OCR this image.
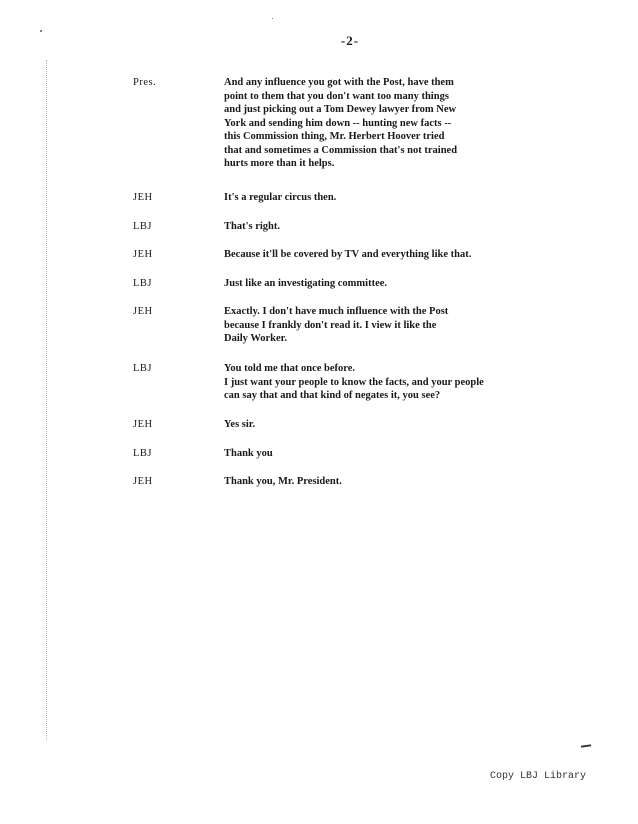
-2-
Pres.	And any influence you got with the Post, have them
point to them that you don't want too many things
and just picking out a Tom Dewey lawyer from New
York and sending him down -- hunting new facts --
this Commission thing, Mr. Herbert Hoover tried
that and sometimes a Commission that's not trained
hurts more than it helps.
JEH	It's a regular circus then.
LBJ	That's right.
JEH	Because it'll be covered by TV and everything like that.
LBJ	Just like an investigating committee.
JEH	Exactly. I don't have much influence with the Post
because I frankly don't read it. I view it like the
Daily Worker.
LBJ	You told me that once before.
I just want your people to know the facts, and your people
can say that and that kind of negates it, you see?
JEH	Yes sir.
LBJ	Thank you
JEH	Thank you, Mr. President.
Copy LBJ Library
